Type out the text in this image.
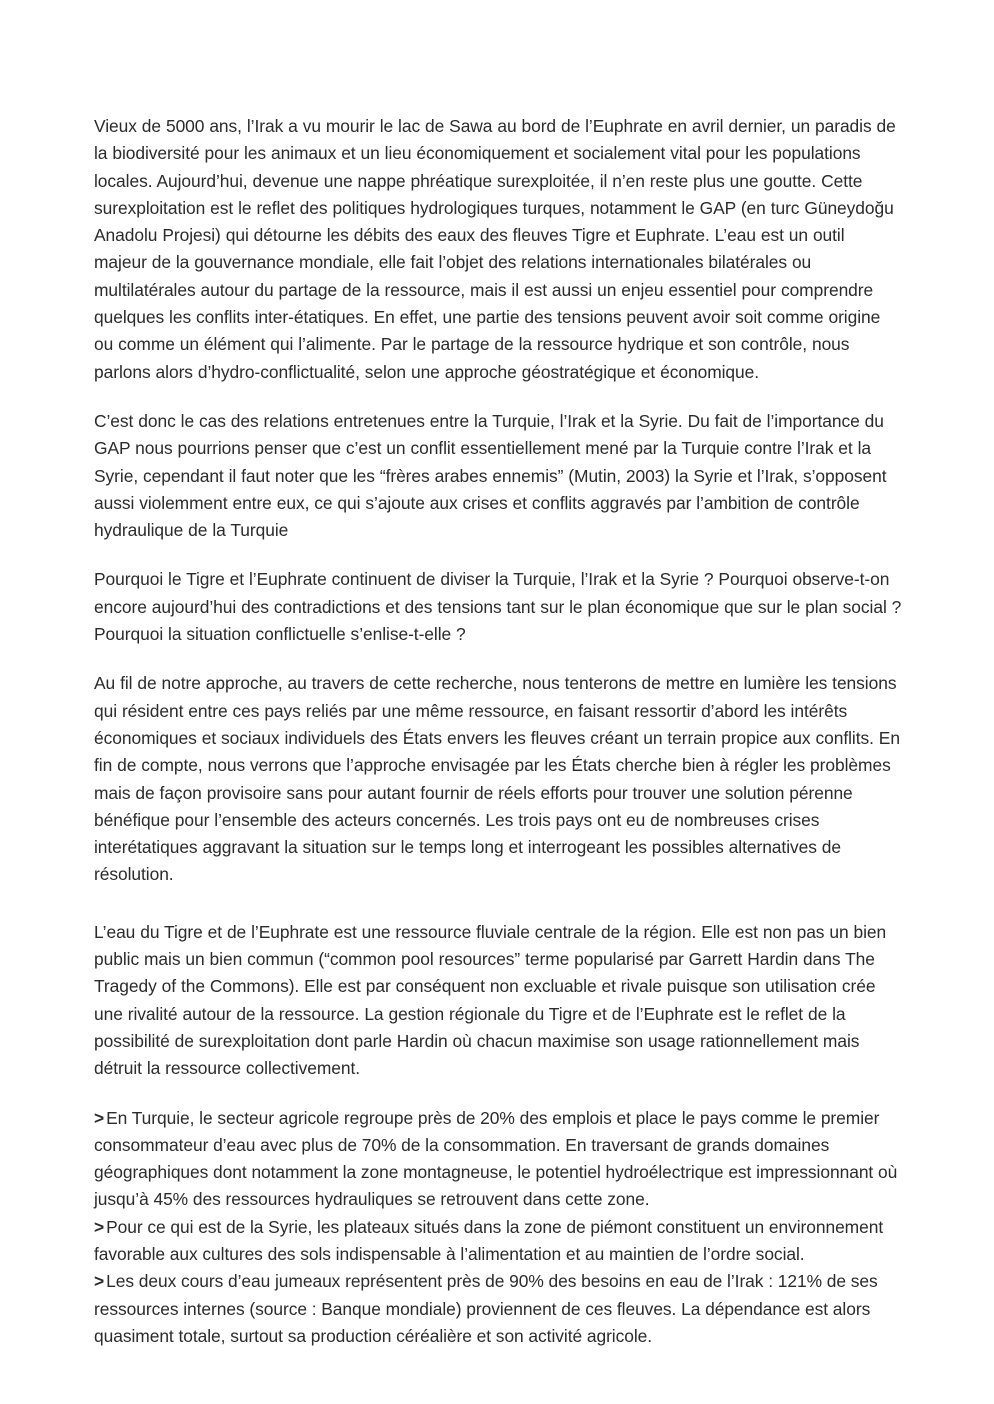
Vieux de 5000 ans, l’Irak a vu mourir le lac de Sawa au bord de l’Euphrate en avril dernier, un paradis de la biodiversité pour les animaux et un lieu économiquement et socialement vital pour les populations locales. Aujourd’hui, devenue une nappe phréatique surexploitée, il n’en reste plus une goutte. Cette surexploitation est le reflet des politiques hydrologiques turques, notamment le GAP (en turc Güneydoğu Anadolu Projesi) qui détourne les débits des eaux des fleuves Tigre et Euphrate. L’eau est un outil majeur de la gouvernance mondiale, elle fait l’objet des relations internationales bilatérales ou multilatérales autour du partage de la ressource, mais il est aussi un enjeu essentiel pour comprendre quelques les conflits inter-étatiques. En effet, une partie des tensions peuvent avoir soit comme origine ou comme un élément qui l’alimente. Par le partage de la ressource hydrique et son contrôle, nous parlons alors d’hydro-conflictualité, selon une approche géostratégique et économique.

C’est donc le cas des relations entretenues entre la Turquie, l’Irak et la Syrie. Du fait de l’importance du GAP nous pourrions penser que c’est un conflit essentiellement mené par la Turquie contre l’Irak et la Syrie, cependant il faut noter que les “frères arabes ennemis” (Mutin, 2003) la Syrie et l’Irak, s’opposent aussi violemment entre eux, ce qui s’ajoute aux crises et conflits aggravés par l’ambition de contrôle hydraulique de la Turquie

Pourquoi le Tigre et l’Euphrate continuent de diviser la Turquie, l’Irak et la Syrie ? Pourquoi observe-t-on encore aujourd’hui des contradictions et des tensions tant sur le plan économique que sur le plan social ? Pourquoi la situation conflictuelle s’enlise-t-elle ?

Au fil de notre approche, au travers de cette recherche, nous tenterons de mettre en lumière les tensions qui résident entre ces pays reliés par une même ressource, en faisant ressortir d’abord les intérêts économiques et sociaux individuels des États envers les fleuves créant un terrain propice aux conflits. En fin de compte, nous verrons que l’approche envisagée par les États cherche bien à régler les problèmes mais de façon provisoire sans pour autant fournir de réels efforts pour trouver une solution pérenne bénéfique pour l’ensemble des acteurs concernés. Les trois pays ont eu de nombreuses crises interétatiques aggravant la situation sur le temps long et interrogeant les possibles alternatives de résolution.

L’eau du Tigre et de l’Euphrate est une ressource fluviale centrale de la région. Elle est non pas un bien public mais un bien commun (“common pool resources” terme popularisé par Garrett Hardin dans The Tragedy of the Commons). Elle est par conséquent non excluable et rivale puisque son utilisation crée une rivalité autour de la ressource. La gestion régionale du Tigre et de l’Euphrate est le reflet de la possibilité de surexploitation dont parle Hardin où chacun maximise son usage rationnellement mais détruit la ressource collectivement.

> En Turquie, le secteur agricole regroupe près de 20% des emplois et place le pays comme le premier consommateur d’eau avec plus de 70% de la consommation. En traversant de grands domaines géographiques dont notamment la zone montagneuse, le potentiel hydroélectrique est impressionnant où jusqu’à 45% des ressources hydrauliques se retrouvent dans cette zone.

> Pour ce qui est de la Syrie, les plateaux situés dans la zone de piémont constituent un environnement favorable aux cultures des sols indispensable à l’alimentation et au maintien de l’ordre social.

> Les deux cours d’eau jumeaux représentent près de 90% des besoins en eau de l’Irak : 121% de ses ressources internes (source : Banque mondiale) proviennent de ces fleuves. La dépendance est alors quasiment totale, surtout sa production céréalière et son activité agricole.
